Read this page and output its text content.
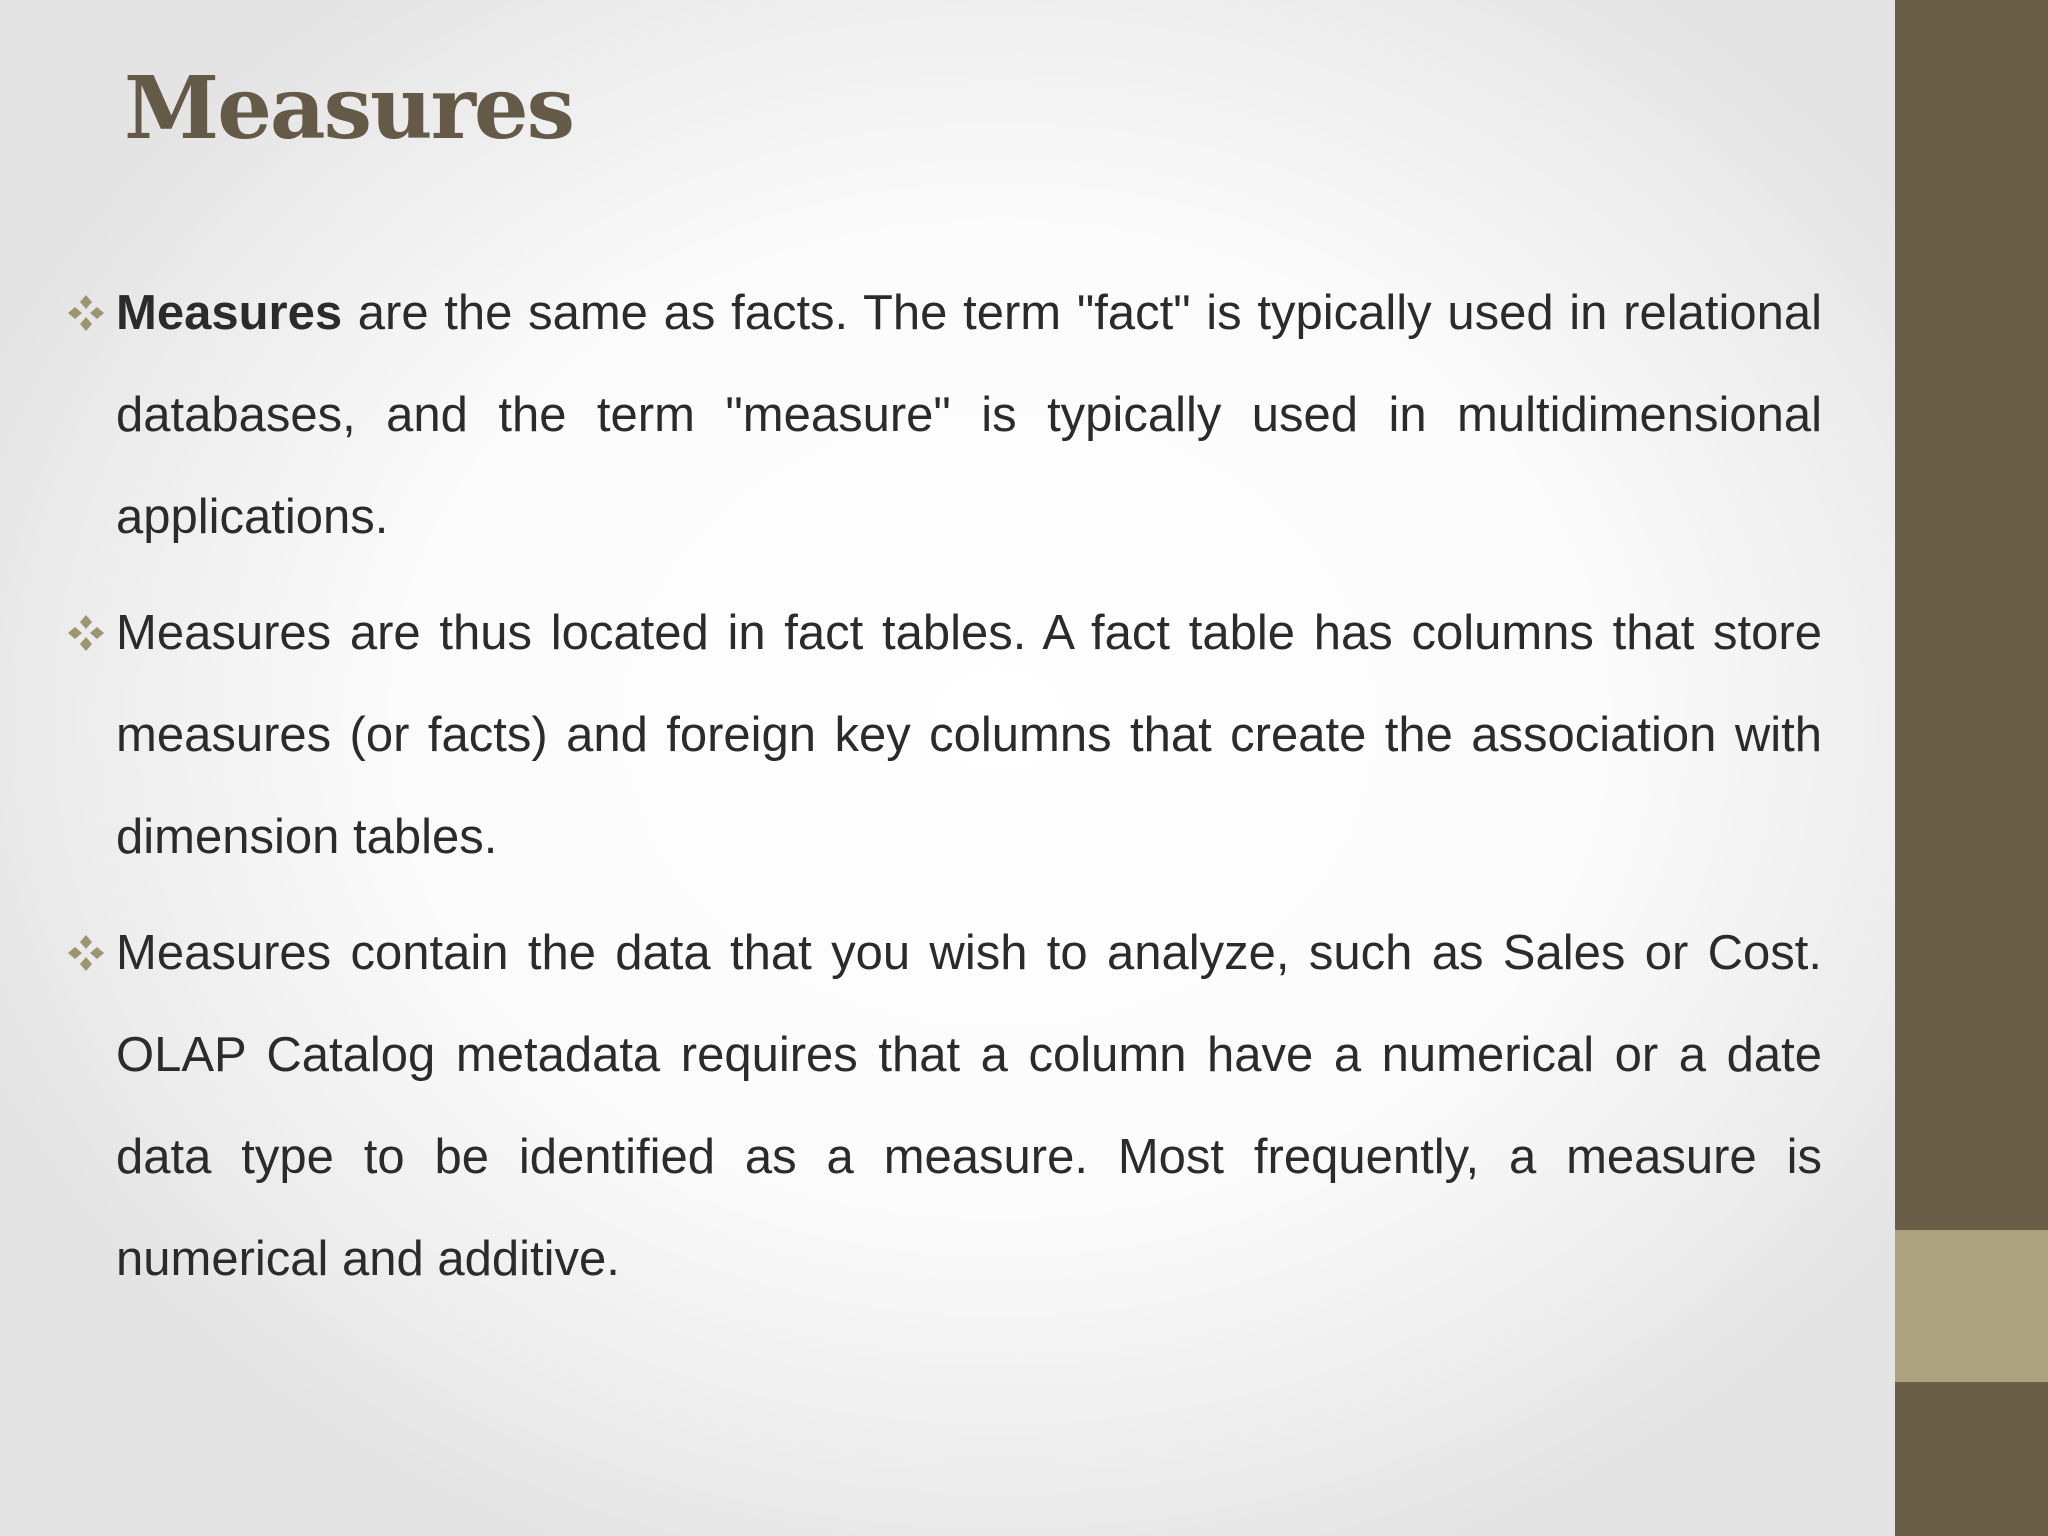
Measures

Measures are the same as facts. The term "fact" is typically used in relational databases, and the term "measure" is typically used in multidimensional applications.

Measures are thus located in fact tables. A fact table has columns that store measures (or facts) and foreign key columns that create the association with dimension tables.

Measures contain the data that you wish to analyze, such as Sales or Cost. OLAP Catalog metadata requires that a column have a numerical or a date data type to be identified as a measure. Most frequently, a measure is numerical and additive.
